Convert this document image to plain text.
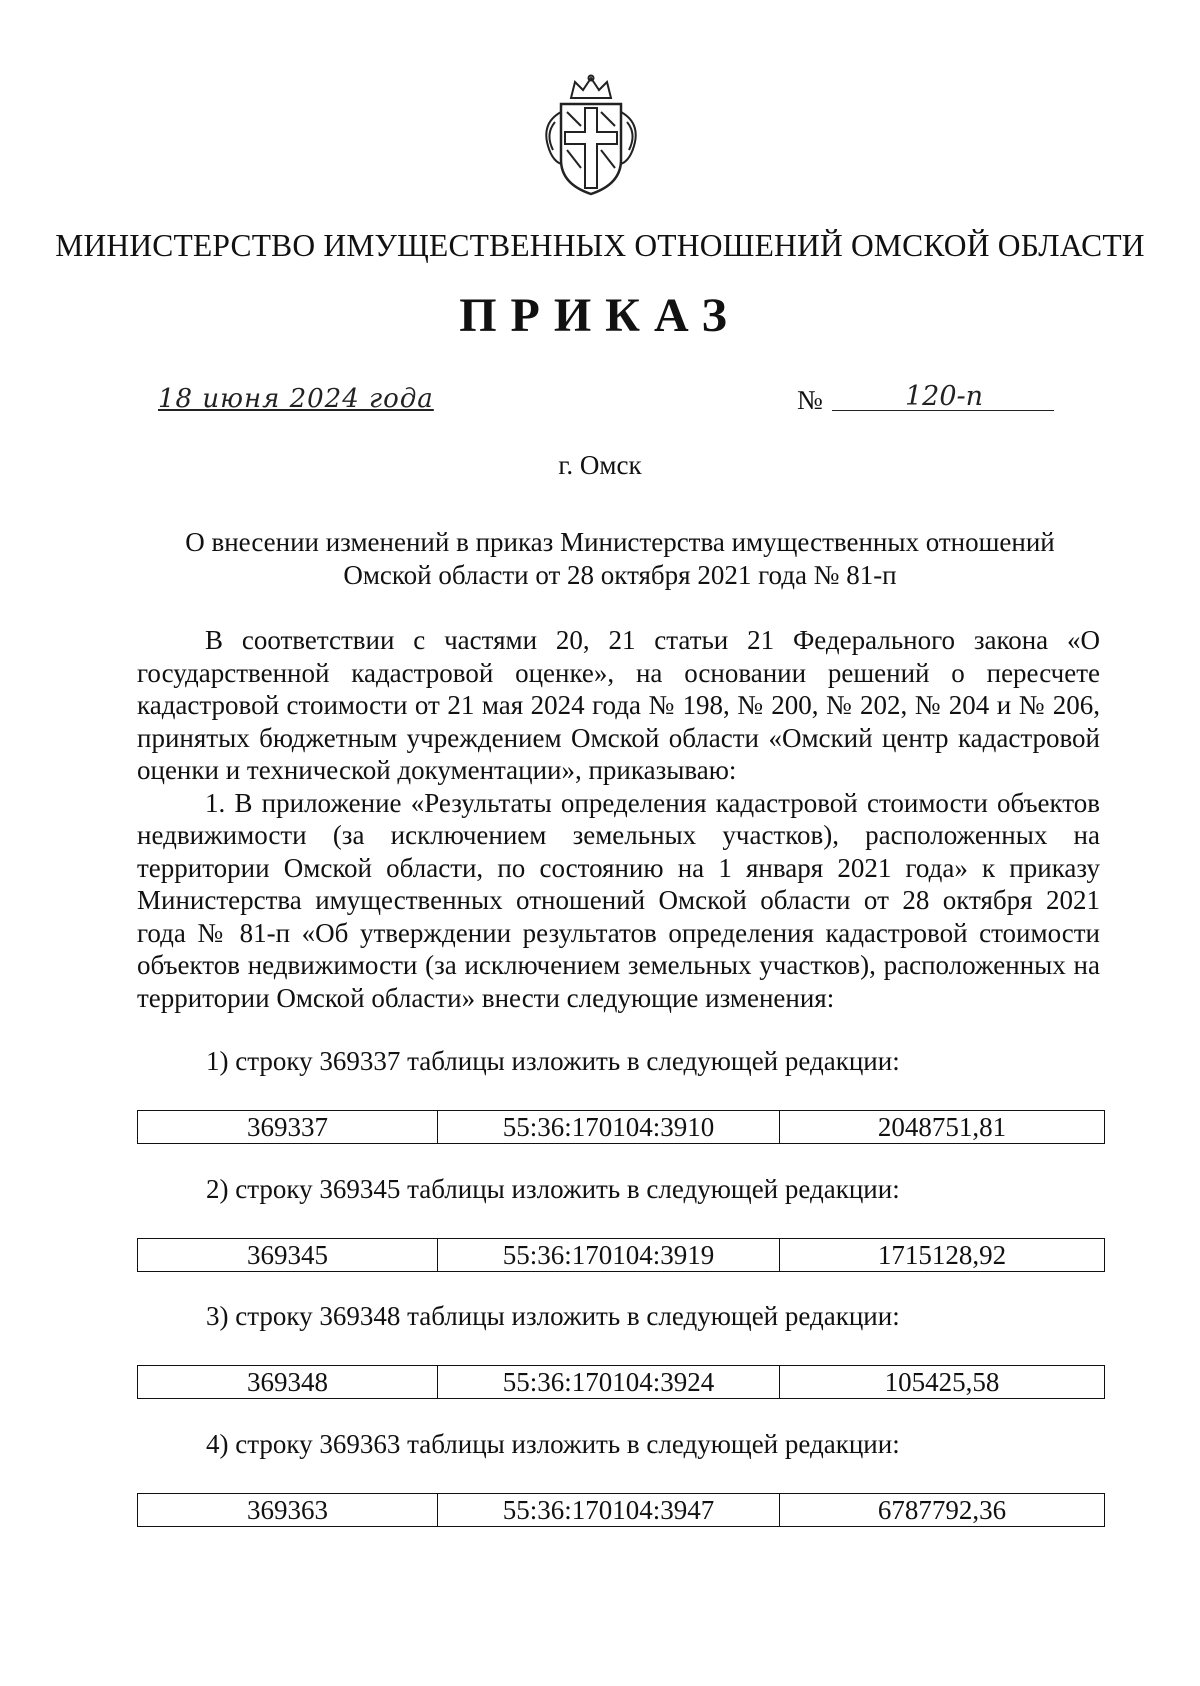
МИНИСТЕРСТВО ИМУЩЕСТВЕННЫХ ОТНОШЕНИЙ ОМСКОЙ ОБЛАСТИ
ПРИКАЗ
18 июня 2024 года	№	120-п
г. Омск
О внесении изменений в приказ Министерства имущественных отношений
Омской области от 28 октября 2021 года № 81-п

В соответствии с частями 20, 21 статьи 21 Федерального закона «О государственной кадастровой оценке», на основании решений о пересчете кадастровой стоимости от 21 мая 2024 года № 198, № 200, № 202, № 204 и № 206, принятых бюджетным учреждением Омской области «Омский центр кадастровой оценки и технической документации», приказываю:

1. В приложение «Результаты определения кадастровой стоимости объектов недвижимости (за исключением земельных участков), расположенных на территории Омской области, по состоянию на 1 января 2021 года» к приказу Министерства имущественных отношений Омской области от 28 октября 2021 года № 81-п «Об утверждении результатов определения кадастровой стоимости объектов недвижимости (за исключением земельных участков), расположенных на территории Омской области» внести следующие изменения:

1) строку 369337 таблицы изложить в следующей редакции:
369337	55:36:170104:3910	2048751,81
2) строку 369345 таблицы изложить в следующей редакции:
369345	55:36:170104:3919	1715128,92
3) строку 369348 таблицы изложить в следующей редакции:
369348	55:36:170104:3924	105425,58
4) строку 369363 таблицы изложить в следующей редакции:
369363	55:36:170104:3947	6787792,36
